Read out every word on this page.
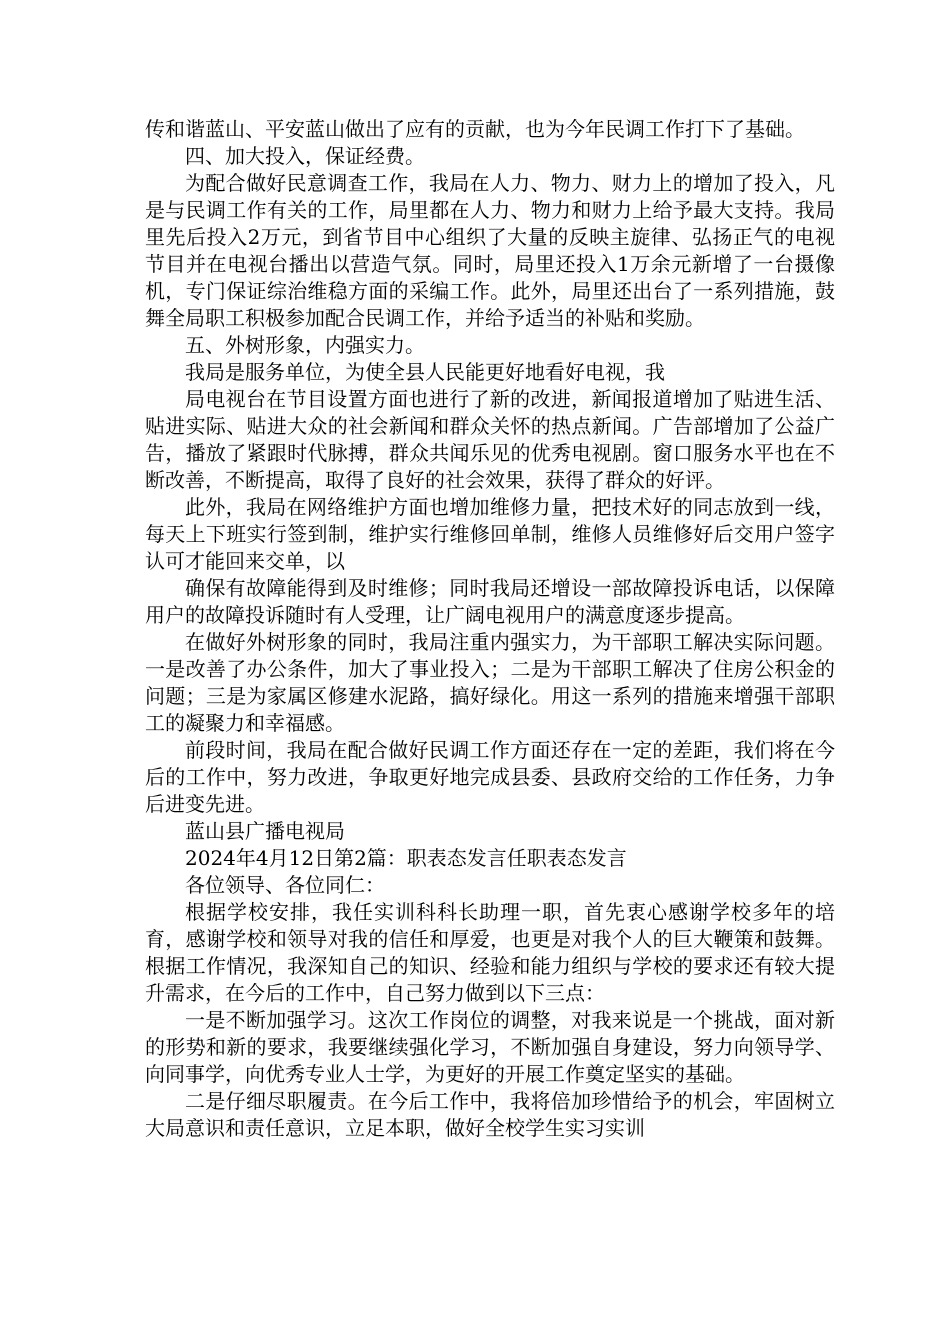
传和谐蓝山、平安蓝山做出了应有的贡献，也为今年民调工作打下了基础。

四、加大投入，保证经费。

为配合做好民意调查工作，我局在人力、物力、财力上的增加了投入，凡是与民调工作有关的工作，局里都在人力、物力和财力上给予最大支持。我局里先后投入2万元，到省节目中心组织了大量的反映主旋律、弘扬正气的电视节目并在电视台播出以营造气氛。同时，局里还投入1万余元新增了一台摄像机，专门保证综治维稳方面的采编工作。此外，局里还出台了一系列措施，鼓舞全局职工积极参加配合民调工作，并给予适当的补贴和奖励。

五、外树形象，内强实力。

我局是服务单位，为使全县人民能更好地看好电视，我

局电视台在节目设置方面也进行了新的改进，新闻报道增加了贴进生活、贴进实际、贴进大众的社会新闻和群众关怀的热点新闻。广告部增加了公益广告，播放了紧跟时代脉搏，群众共闻乐见的优秀电视剧。窗口服务水平也在不断改善，不断提高，取得了良好的社会效果，获得了群众的好评。

此外，我局在网络维护方面也增加维修力量，把技术好的同志放到一线，每天上下班实行签到制，维护实行维修回单制，维修人员维修好后交用户签字认可才能回来交单，以

确保有故障能得到及时维修；同时我局还增设一部故障投诉电话，以保障用户的故障投诉随时有人受理，让广阔电视用户的满意度逐步提高。

在做好外树形象的同时，我局注重内强实力，为干部职工解决实际问题。一是改善了办公条件，加大了事业投入；二是为干部职工解决了住房公积金的问题；三是为家属区修建水泥路，搞好绿化。用这一系列的措施来增强干部职工的凝聚力和幸福感。

前段时间，我局在配合做好民调工作方面还存在一定的差距，我们将在今后的工作中，努力改进，争取更好地完成县委、县政府交给的工作任务，力争后进变先进。

蓝山县广播电视局

2024年4月12日第2篇：职表态发言任职表态发言

各位领导、各位同仁：

根据学校安排，我任实训科科长助理一职，首先衷心感谢学校多年的培育，感谢学校和领导对我的信任和厚爱，也更是对我个人的巨大鞭策和鼓舞。根据工作情况，我深知自己的知识、经验和能力组织与学校的要求还有较大提升需求，在今后的工作中，自己努力做到以下三点：

一是不断加强学习。这次工作岗位的调整，对我来说是一个挑战，面对新的形势和新的要求，我要继续强化学习，不断加强自身建设，努力向领导学、向同事学，向优秀专业人士学，为更好的开展工作奠定坚实的基础。

二是仔细尽职履责。在今后工作中，我将倍加珍惜给予的机会，牢固树立大局意识和责任意识，立足本职，做好全校学生实习实训
